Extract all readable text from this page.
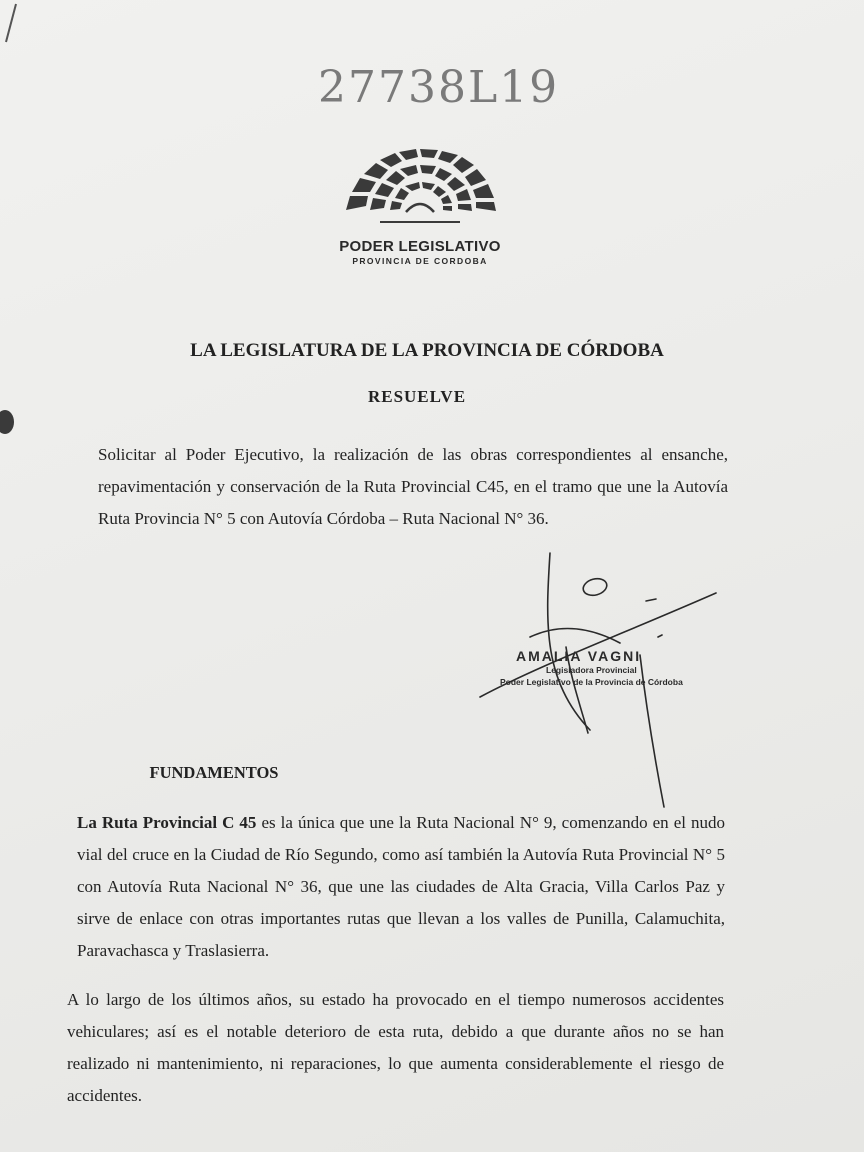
27738L19
PODER LEGISLATIVO
PROVINCIA DE CORDOBA
LA LEGISLATURA DE LA PROVINCIA DE CÓRDOBA
RESUELVE
Solicitar al Poder Ejecutivo, la realización de las obras correspondientes al ensanche, repavimentación y conservación de la Ruta Provincial C45, en el tramo que une la Autovía Ruta Provincia N° 5 con Autovía Córdoba – Ruta Nacional N° 36.
AMALIA VAGNI
Legisladora Provincial
Poder Legislativo de la Provincia de Córdoba
FUNDAMENTOS
La Ruta Provincial C 45 es la única que une la Ruta Nacional N° 9, comenzando en el nudo vial del cruce en la Ciudad de Río Segundo, como así también la Autovía Ruta Provincial N° 5 con Autovía Ruta Nacional N° 36, que une las ciudades de Alta Gracia, Villa Carlos Paz y sirve de enlace con otras importantes rutas que llevan a los valles de Punilla, Calamuchita, Paravachasca y Traslasierra.
A lo largo de los últimos años, su estado ha provocado en el tiempo numerosos accidentes vehiculares; así es el notable deterioro de esta ruta, debido a que durante años no se han realizado ni mantenimiento, ni reparaciones, lo que aumenta considerablemente el riesgo de accidentes.
